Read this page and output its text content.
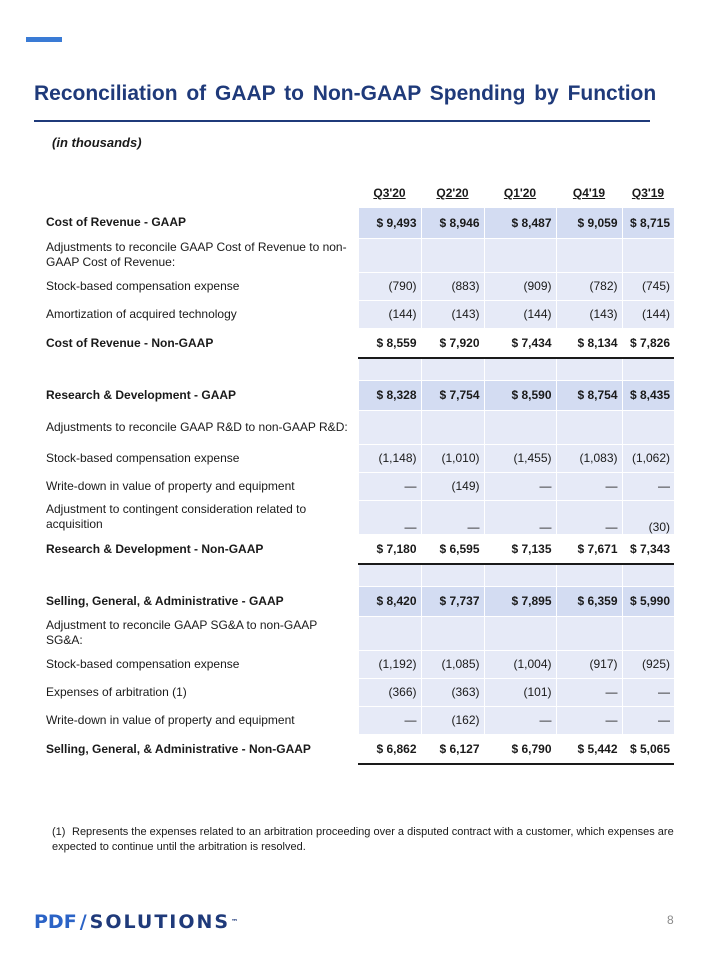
Reconciliation of GAAP to Non-GAAP Spending by Function
(in thousands)
	Q3'20	Q2'20	Q1'20	Q4'19	Q3'19
Cost of Revenue - GAAP	$ 9,493	$ 8,946	$ 8,487	$ 9,059	$ 8,715
Adjustments to reconcile GAAP Cost of Revenue to non-GAAP Cost of Revenue:					
Stock-based compensation expense	(790)	(883)	(909)	(782)	(745)
Amortization of acquired technology	(144)	(143)	(144)	(143)	(144)
Cost of Revenue - Non-GAAP	$ 8,559	$ 7,920	$ 7,434	$ 8,134	$ 7,826

Research & Development - GAAP	$ 8,328	$ 7,754	$ 8,590	$ 8,754	$ 8,435
Adjustments to reconcile GAAP R&D to non-GAAP R&D:					
Stock-based compensation expense	(1,148)	(1,010)	(1,455)	(1,083)	(1,062)
Write-down in value of property and equipment	—	(149)	—	—	—
Adjustment to contingent consideration related to acquisition	—	—	—	—	(30)
Research & Development - Non-GAAP	$ 7,180	$ 6,595	$ 7,135	$ 7,671	$ 7,343

Selling, General, & Administrative - GAAP	$ 8,420	$ 7,737	$ 7,895	$ 6,359	$ 5,990
Adjustment to reconcile GAAP SG&A to non-GAAP SG&A:					
Stock-based compensation expense	(1,192)	(1,085)	(1,004)	(917)	(925)
Expenses of arbitration (1)	(366)	(363)	(101)	—	—
Write-down in value of property and equipment	—	(162)	—	—	—
Selling, General, & Administrative - Non-GAAP	$ 6,862	$ 6,127	$ 6,790	$ 5,442	$ 5,065
(1) Represents the expenses related to an arbitration proceeding over a disputed contract with a customer, which expenses are expected to continue until the arbitration is resolved.
PDF / SOLUTIONS ™	8
